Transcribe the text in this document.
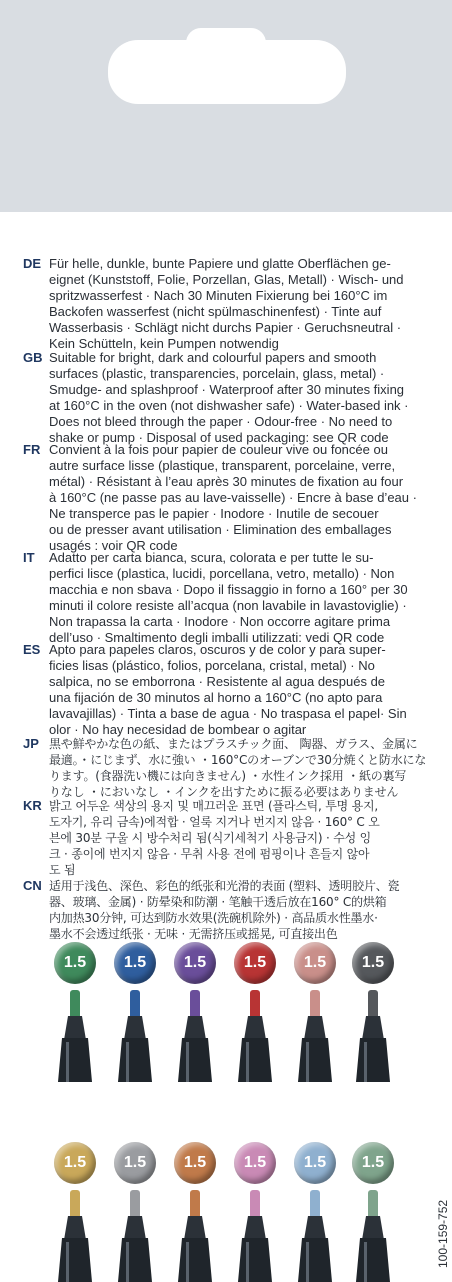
DE Für helle, dunkle, bunte Papiere und glatte Oberflächen ge-
eignet (Kunststoff, Folie, Porzellan, Glas, Metall) · Wisch- und
spritzwasserfest · Nach 30 Minuten Fixierung bei 160°C im
Backofen wasserfest (nicht spülmaschinenfest) · Tinte auf
Wasserbasis · Schlägt nicht durchs Papier · Geruchsneutral ·
Kein Schütteln, kein Pumpen notwendig
GB Suitable for bright, dark and colourful papers and smooth
surfaces (plastic, transparencies, porcelain, glass, metal) ·
Smudge- and splashproof · Waterproof after 30 minutes fixing
at 160°C in the oven (not dishwasher safe) · Water-based ink ·
Does not bleed through the paper · Odour-free · No need to
shake or pump · Disposal of used packaging: see QR code
FR Convient à la fois pour papier de couleur vive ou foncée ou
autre surface lisse (plastique, transparent, porcelaine, verre,
métal) · Résistant à l’eau après 30 minutes de fixation au four
à 160°C (ne passe pas au lave-vaisselle) · Encre à base d’eau ·
Ne transperce pas le papier · Inodore · Inutile de secouer
ou de presser avant utilisation · Elimination des emballages
usagés : voir QR code
IT Adatto per carta bianca, scura, colorata e per tutte le su-
perfici lisce (plastica, lucidi, porcellana, vetro, metallo) · Non
macchia e non sbava · Dopo il fissaggio in forno a 160° per 30
minuti il colore resiste all’acqua (non lavabile in lavastoviglie) ·
Non trapassa la carta · Inodore · Non occorre agitare prima
dell’uso · Smaltimento degli imballi utilizzati: vedi QR code
ES Apto para papeles claros, oscuros y de color y para super-
ficies lisas (plástico, folios, porcelana, cristal, metal) · No
salpica, no se emborrona · Resistente al agua después de
una fijación de 30 minutos al horno a 160°C (no apto para
lavavajillas) · Tinta a base de agua · No traspasa el papel· Sin
olor · No hay necesidad de bombear o agitar
JP 黒や鮮やかな色の紙、またはプラスチック面、 陶器、ガラス、金属に
最適。・にじまず、水に強い ・160°Cのオーブンで30分焼くと防水にな
ります。(食器洗い機には向きません) ・水性インク採用 ・紙の裏写
りなし ・においなし ・インクを出すために振る必要はありません
KR 밝고 어두운 색상의 용지 및 매끄러운 표면 (플라스틱, 투명 용지,
도자기, 유리 금속)에적합 · 얼룩 지거나 번지지 않음 · 160° C 오
븐에 30분 구울 시 방수처리 됨(식기세척기 사용금지) · 수성 잉
크 · 종이에 번지지 않음 · 무취 사용 전에 펌핑이나 흔들지 않아
도 됨
CN 适用于浅色、深色、彩色的纸张和光滑的表面 (塑料、透明胶片、瓷
器、玻璃、金属) · 防晕染和防潮 · 笔触干透后放在160° C的烘箱
内加热30分钟, 可达到防水效果(洗碗机除外) · 高品质水性墨水·
墨水不会透过纸张 · 无味 · 无需挤压或摇晃, 可直接出色
1.5	1.5	1.5	1.5	1.5	1.5
1.5	1.5	1.5	1.5	1.5	1.5
100-159-752
